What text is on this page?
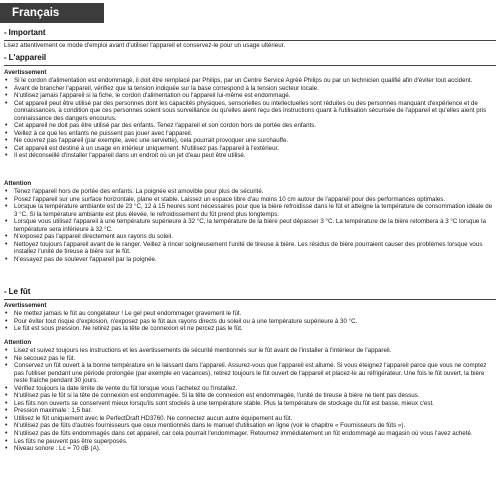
Français
- Important

Lisez attentivement ce mode d'emploi avant d'utiliser l'appareil et conservez-le pour un usage ultérieur.

- L'appareil

Avertissement

• Si le cordon d'alimentation est endommagé, il doit être remplacé par Philips, par un Centre Service Agréé Philips ou par un technicien qualifié afin d'éviter tout accident.
• Avant de brancher l'appareil, vérifiez que la tension indiquée sur la base correspond à la tension secteur locale.
• N'utilisez jamais l'appareil si la fiche, le cordon d'alimentation ou l'appareil lui-même est endommagé.
• Cet appareil peut être utilisé par des personnes dont les capacités physiques, sensorielles ou intellectuelles sont réduites ou des personnes manquant d'expérience et de connaissances, à condition que ces personnes soient sous surveillance ou qu'elles aient reçu des instructions quant à l'utilisation sécurisée de l'appareil et qu'elles aient pris connaissance des dangers encourus.
• Cet appareil ne doit pas être utilisé par des enfants. Tenez l'appareil et son cordon hors de portée des enfants.
• Veillez à ce que les enfants ne puissent pas jouer avec l'appareil.
• Ne couvrez pas l'appareil (par exemple, avec une serviette), cela pourrait provoquer une surchauffe.
• Cet appareil est destiné à un usage en intérieur uniquement. N'utilisez pas l'appareil à l'extérieur.
• Il est déconseillé d'installer l'appareil dans un endroit où un jet d'eau peut être utilisé.

Attention

• Tenez l'appareil hors de portée des enfants. La poignée est amovible pour plus de sécurité.
• Posez l'appareil sur une surface horizontale, plane et stable. Laissez un espace libre d'au moins 10 cm autour de l'appareil pour des performances optimales.
• Lorsque la température ambiante est de 23 °C, 12 à 15 heures sont nécessaires pour que la bière refroidisse dans le fût et atteigne la température de consommation idéale de 3 °C. Si la température ambiante est plus élevée, le refroidissement du fût prend plus longtemps.
• Lorsque vous utilisez l'appareil à une température supérieure à 32 °C, la température de la bière peut dépasser 3 °C. La température de la bière retombera à 3 °C lorsque la température sera inférieure à 32 °C.
• N'exposez pas l'appareil directement aux rayons du soleil.
• Nettoyez toujours l'appareil avant de le ranger. Veillez à rincer soigneusement l'unité de tireuse à bière. Les résidus de bière pourraient causer des problèmes lorsque vous installez l'unité de tireuse à bière sur le fût.
• N'essayez pas de soulever l'appareil par la poignée.
- Le fût

Avertissement

• Ne mettez jamais le fût au congélateur ! Le gel peut endommager gravement le fût.
• Pour éviter tout risque d'explosion, n'exposez pas le fût aux rayons directs du soleil ou à une température supérieure à 30 °C.
• Le fût est sous pression. Ne retirez pas la tête de connexion et ne percez pas le fût.

Attention

• Lisez et suivez toujours les instructions et les avertissements de sécurité mentionnés sur le fût avant de l'installer à l'intérieur de l'appareil.
• Ne secouez pas le fût.
• Conservez un fût ouvert à la bonne température en le laissant dans l'appareil. Assurez-vous que l'appareil est allumé. Si vous éteignez l'appareil parce que vous ne comptez pas l'utiliser pendant une période prolongée (par exemple en vacances), retirez toujours le fût ouvert de l'appareil et placez-le au réfrigérateur. Une fois le fût ouvert, la bière reste fraîche pendant 30 jours.
• Vérifiez toujours la date limite de vente du fût lorsque vous l'achetez ou l'installez.
• N'utilisez pas le fût si la tête de connexion est endommagée. Si la tête de connexion est endommagée, l'unité de tireuse à bière ne tient pas dessus.
• Les fûts non ouverts se conservent mieux lorsqu'ils sont stockés à une température stable. Plus la température de stockage du fût est basse, mieux c'est.
• Pression maximale : 1,5 bar.
• Utilisez le fût uniquement avec le PerfectDraft HD3760. Ne connectez aucun autre équipement au fût.
• N'utilisez pas de fûts d'autres fournisseurs que ceux mentionnés dans le manuel d'utilisation en ligne (voir le chapitre « Fournisseurs de fûts »).
• N'utilisez pas de fûts endommagés dans cet appareil, car cela pourrait l'endommager. Retournez immédiatement un fût endommagé au magasin où vous l'avez acheté.
• Les fûts ne peuvent pas être superposés.
• Niveau sonore : Lc = 70 dB (A).
